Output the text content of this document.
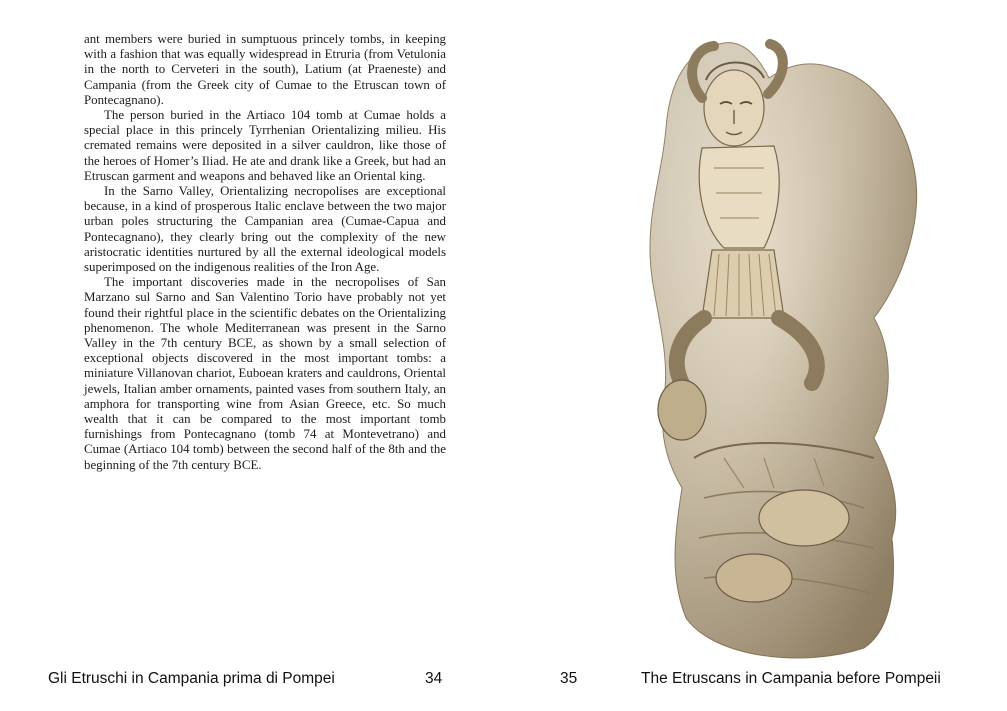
ant members were buried in sumptuous princely tombs, in keeping with a fashion that was equally widespread in Etruria (from Vetulonia in the north to Cerveteri in the south), Latium (at Praeneste) and Campania (from the Greek city of Cumae to the Etruscan town of Pontecagnano).

The person buried in the Artiaco 104 tomb at Cumae holds a special place in this princely Tyrrhenian Orientalizing milieu. His cremated remains were deposited in a silver cauldron, like those of the heroes of Homer’s Iliad. He ate and drank like a Greek, but had an Etruscan garment and weapons and behaved like an Oriental king.

In the Sarno Valley, Orientalizing necropolises are exceptional because, in a kind of prosperous Italic enclave between the two major urban poles structuring the Campanian area (Cumae-Capua and Pontecagnano), they clearly bring out the complexity of the new aristocratic identities nurtured by all the external ideological models superimposed on the indigenous realities of the Iron Age.

The important discoveries made in the necropolises of San Marzano sul Sarno and San Valentino Torio have probably not yet found their rightful place in the scientific debates on the Orientalizing phenomenon. The whole Mediterranean was present in the Sarno Valley in the 7th century BCE, as shown by a small selection of exceptional objects discovered in the most important tombs: a miniature Villanovan chariot, Euboean kraters and cauldrons, Oriental jewels, Italian amber ornaments, painted vases from southern Italy, an amphora for transporting wine from Asian Greece, etc. So much wealth that it can be compared to the most important tomb furnishings from Pontecagnano (tomb 74 at Montevetrano) and Cumae (Artiaco 104 tomb) between the second half of the 8th and the beginning of the 7th century BCE.

Gli Etruschi in Campania prima di Pompei	34	35	The Etruscans in Campania before Pompeii
